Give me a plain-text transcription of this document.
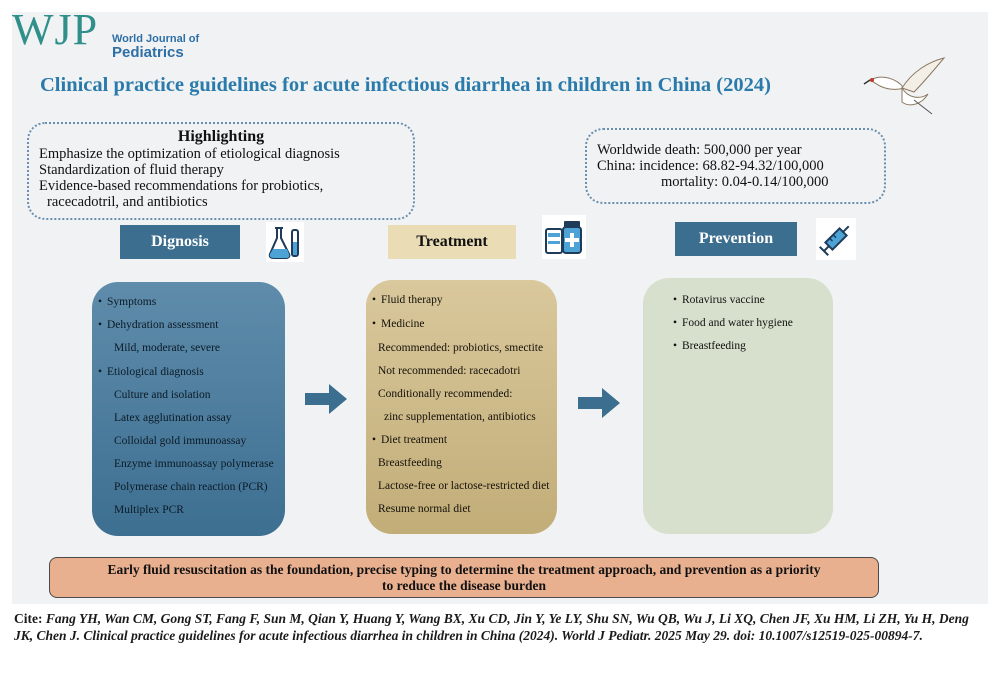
WJP World Journal of
Pediatrics
Clinical practice guidelines for acute infectious diarrhea in children in China (2024)
Highlighting
Emphasize the optimization of etiological diagnosis
Standardization of fluid therapy
Evidence-based recommendations for probiotics,
racecadotril, and antibiotics
Worldwide death: 500,000 per year
China: incidence: 68.82-94.32/100,000
mortality: 0.04-0.14/100,000
Dignosis	Treatment	Prevention
• Symptoms
• Dehydration assessment
Mild, moderate, severe
• Etiological diagnosis
Culture and isolation
Latex agglutination assay
Colloidal gold immunoassay
Enzyme immunoassay polymerase
Polymerase chain reaction (PCR)
Multiplex PCR
• Fluid therapy
• Medicine
Recommended: probiotics, smectite
Not recommended: racecadotri
Conditionally recommended:
zinc supplementation, antibiotics
• Diet treatment
Breastfeeding
Lactose-free or lactose-restricted diet
Resume normal diet
• Rotavirus vaccine
• Food and water hygiene
• Breastfeeding
Early fluid resuscitation as the foundation, precise typing to determine the treatment approach, and prevention as a priority
to reduce the disease burden
Cite: Fang YH, Wan CM, Gong ST, Fang F, Sun M, Qian Y, Huang Y, Wang BX, Xu CD, Jin Y, Ye LY, Shu SN, Wu QB, Wu J, Li XQ, Chen JF, Xu HM, Li ZH, Yu H, Deng JK, Chen J. Clinical practice guidelines for acute infectious diarrhea in children in China (2024). World J Pediatr. 2025 May 29. doi: 10.1007/s12519-025-00894-7.
